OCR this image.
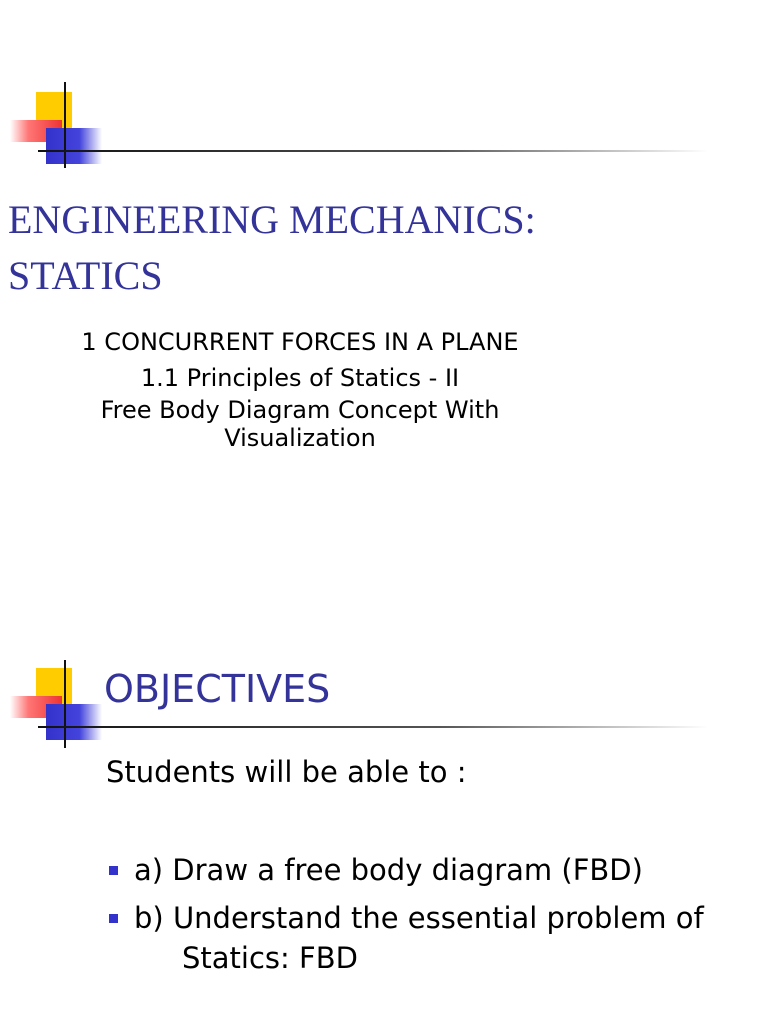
ENGINEERING MECHANICS:
STATICS
1 CONCURRENT FORCES IN A PLANE
1.1 Principles of Statics - II
Free Body Diagram Concept With
Visualization
OBJECTIVES
Students will be able to :
a) Draw a free body diagram (FBD)
b) Understand the essential problem of
Statics: FBD
